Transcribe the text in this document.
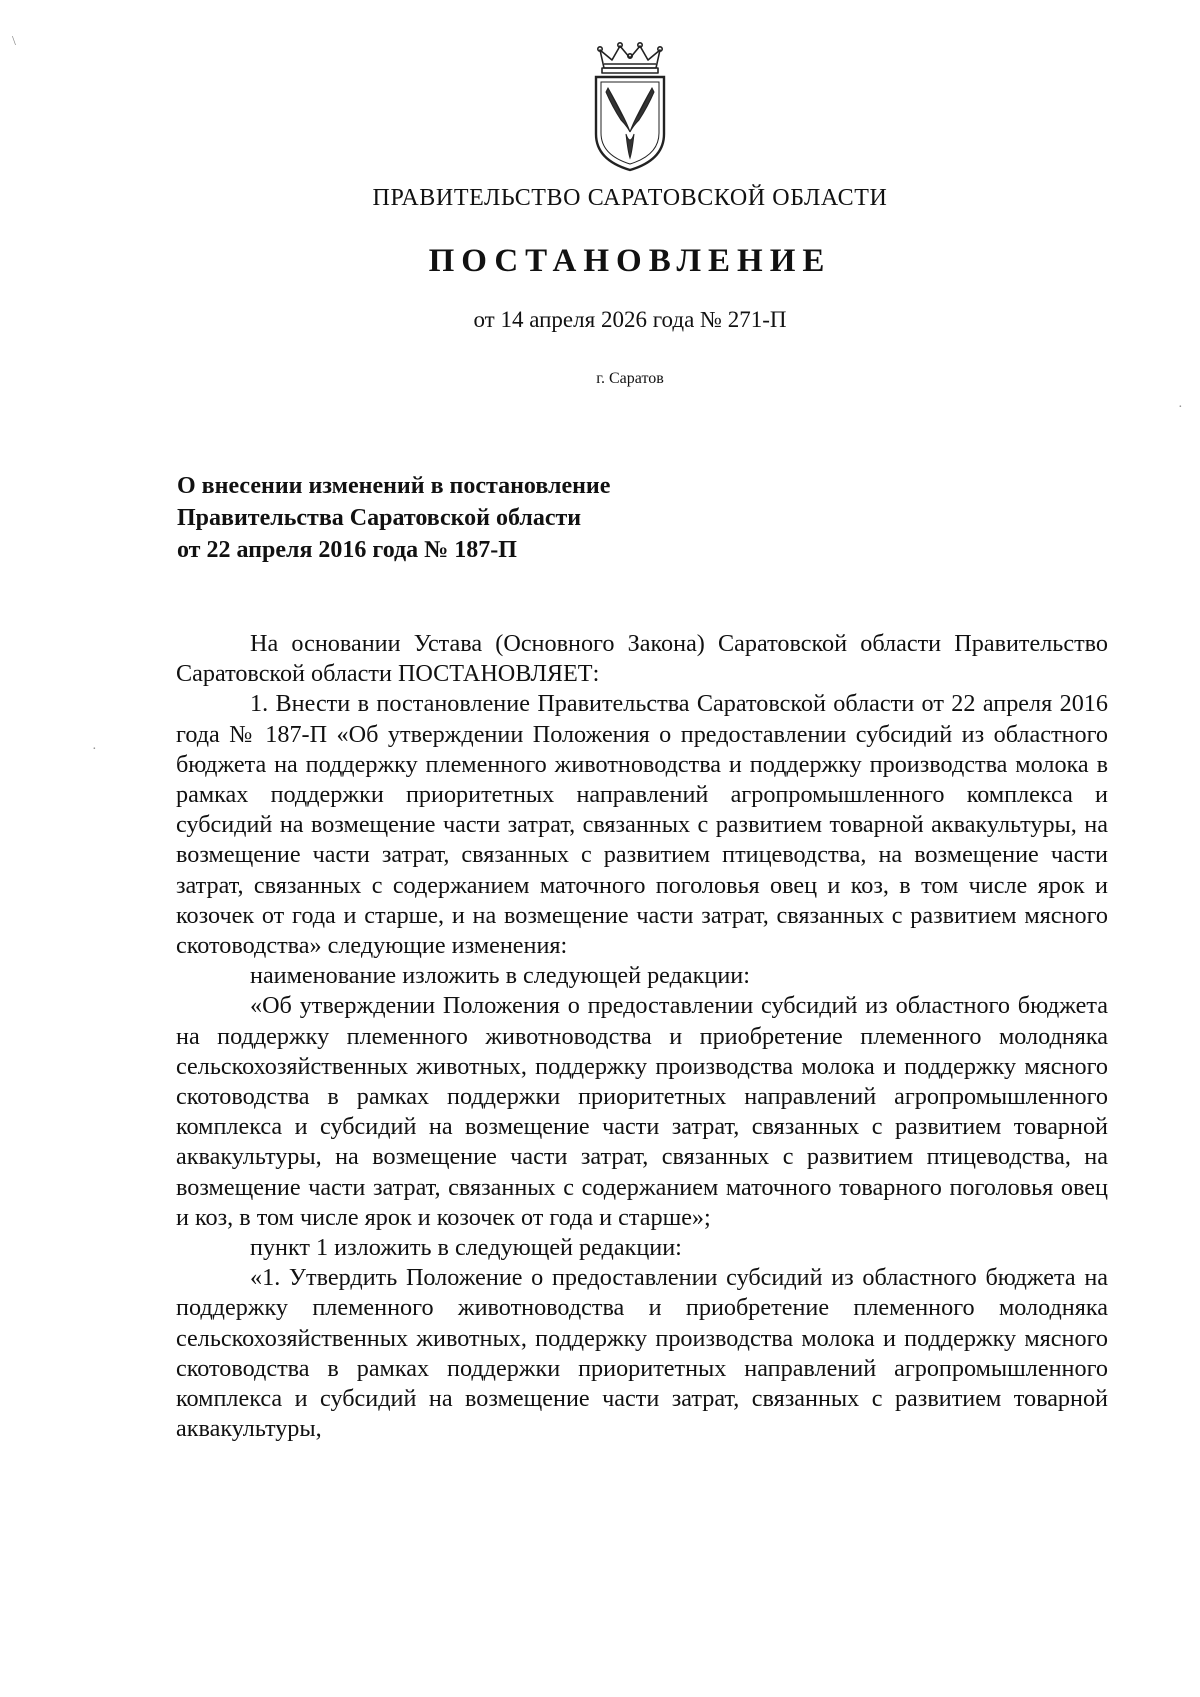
\
·
·
ПРАВИТЕЛЬСТВО САРАТОВСКОЙ ОБЛАСТИ
ПОСТАНОВЛЕНИЕ
от 14 апреля 2026 года № 271-П
г. Саратов
О внесении изменений в постановление
Правительства Саратовской области
от 22 апреля 2016 года № 187-П

На основании Устава (Основного Закона) Саратовской области Правительство Саратовской области ПОСТАНОВЛЯЕТ:

1. Внести в постановление Правительства Саратовской области от 22 апреля 2016 года № 187-П «Об утверждении Положения о предоставлении субсидий из областного бюджета на поддержку племенного животноводства и поддержку производства молока в рамках поддержки приоритетных направлений агропромышленного комплекса и субсидий на возмещение части затрат, связанных с развитием товарной аквакультуры, на возмещение части затрат, связанных с развитием птицеводства, на возмещение части затрат, связанных с содержанием маточного поголовья овец и коз, в том числе ярок и козочек от года и старше, и на возмещение части затрат, связанных с развитием мясного скотоводства» следующие изменения:

наименование изложить в следующей редакции:

«Об утверждении Положения о предоставлении субсидий из областного бюджета на поддержку племенного животноводства и приобретение племенного молодняка сельскохозяйственных животных, поддержку производства молока и поддержку мясного скотоводства в рамках поддержки приоритетных направлений агропромышленного комплекса и субсидий на возмещение части затрат, связанных с развитием товарной аквакультуры, на возмещение части затрат, связанных с развитием птицеводства, на возмещение части затрат, связанных с содержанием маточного товарного поголовья овец и коз, в том числе ярок и козочек от года и старше»;

пункт 1 изложить в следующей редакции:

«1. Утвердить Положение о предоставлении субсидий из областного бюджета на поддержку племенного животноводства и приобретение племенного молодняка сельскохозяйственных животных, поддержку производства молока и поддержку мясного скотоводства в рамках поддержки приоритетных направлений агропромышленного комплекса и субсидий на возмещение части затрат, связанных с развитием товарной аквакультуры,
